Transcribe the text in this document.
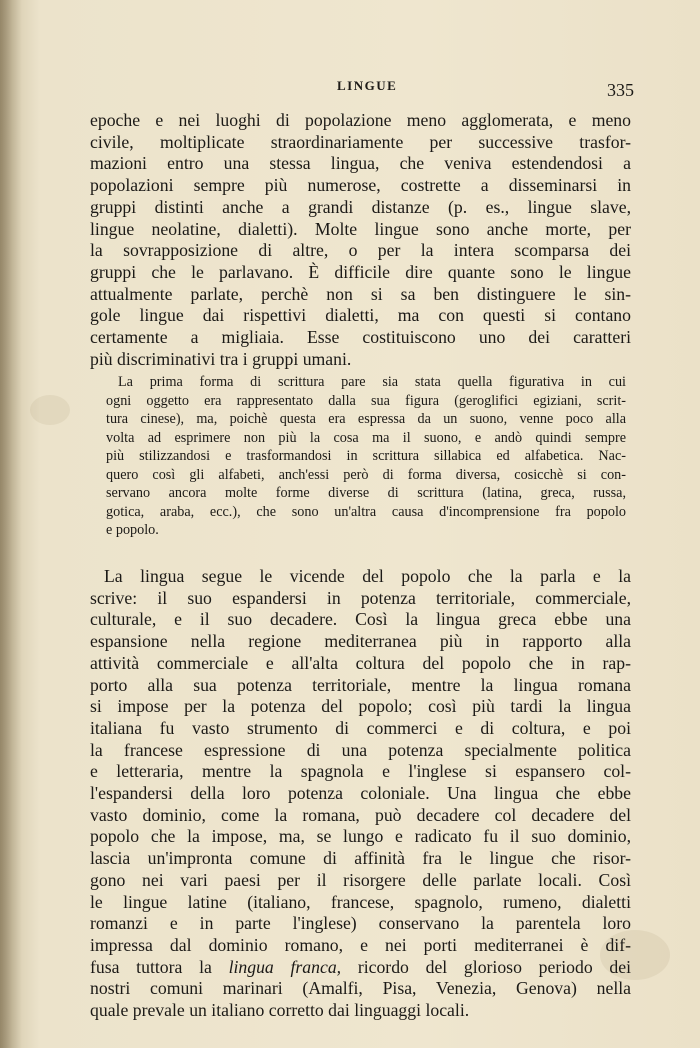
LINGUE	335
epoche e nei luoghi di popolazione meno agglomerata, e meno
civile, moltiplicate straordinariamente per successive trasfor-
mazioni entro una stessa lingua, che veniva estendendosi a
popolazioni sempre più numerose, costrette a disseminarsi in
gruppi distinti anche a grandi distanze (p. es., lingue slave,
lingue neolatine, dialetti). Molte lingue sono anche morte, per
la sovrapposizione di altre, o per la intera scomparsa dei
gruppi che le parlavano. È difficile dire quante sono le lingue
attualmente parlate, perchè non si sa ben distinguere le sin-
gole lingue dai rispettivi dialetti, ma con questi si contano
certamente a migliaia. Esse costituiscono uno dei caratteri
più discriminativi tra i gruppi umani.
La prima forma di scrittura pare sia stata quella figurativa in cui
ogni oggetto era rappresentato dalla sua figura (geroglifici egiziani, scrit-
tura cinese), ma, poichè questa era espressa da un suono, venne poco alla
volta ad esprimere non più la cosa ma il suono, e andò quindi sempre
più stilizzandosi e trasformandosi in scrittura sillabica ed alfabetica. Nac-
quero così gli alfabeti, anch'essi però di forma diversa, cosicchè si con-
servano ancora molte forme diverse di scrittura (latina, greca, russa,
gotica, araba, ecc.), che sono un'altra causa d'incomprensione fra popolo
e popolo.
La lingua segue le vicende del popolo che la parla e la
scrive: il suo espandersi in potenza territoriale, commerciale,
culturale, e il suo decadere. Così la lingua greca ebbe una
espansione nella regione mediterranea più in rapporto alla
attività commerciale e all'alta coltura del popolo che in rap-
porto alla sua potenza territoriale, mentre la lingua romana
si impose per la potenza del popolo; così più tardi la lingua
italiana fu vasto strumento di commerci e di coltura, e poi
la francese espressione di una potenza specialmente politica
e letteraria, mentre la spagnola e l'inglese si espansero col-
l'espandersi della loro potenza coloniale. Una lingua che ebbe
vasto dominio, come la romana, può decadere col decadere del
popolo che la impose, ma, se lungo e radicato fu il suo dominio,
lascia un'impronta comune di affinità fra le lingue che risor-
gono nei vari paesi per il risorgere delle parlate locali. Così
le lingue latine (italiano, francese, spagnolo, rumeno, dialetti
romanzi e in parte l'inglese) conservano la parentela loro
impressa dal dominio romano, e nei porti mediterranei è dif-
fusa tuttora la lingua franca, ricordo del glorioso periodo dei
nostri comuni marinari (Amalfi, Pisa, Venezia, Genova) nella
quale prevale un italiano corretto dai linguaggi locali.
